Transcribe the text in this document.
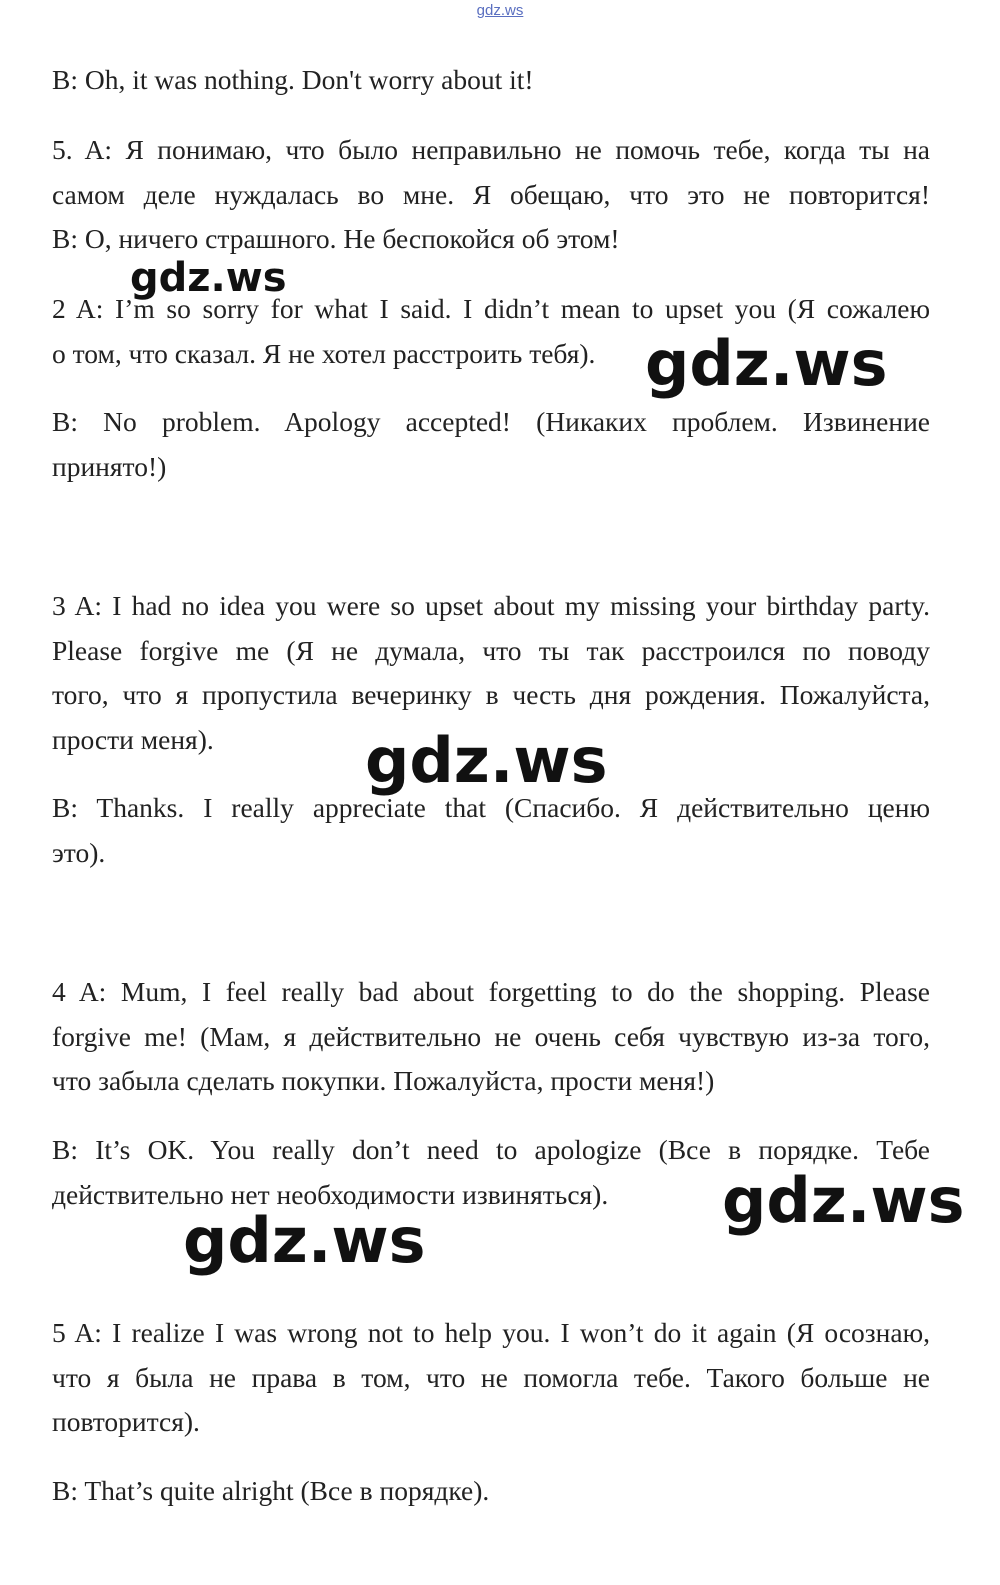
gdz.ws

B: Oh, it was nothing. Don't worry about it!

5. A: Я понимаю, что было неправильно не помочь тебе, когда ты на
самом деле нуждалась во мне. Я обещаю, что это не повторится!
B: О, ничего страшного. Не беспокойся об этом!

2 A: I’m so sorry for what I said. I didn’t mean to upset you (Я сожалею
о том, что сказал. Я не хотел расстроить тебя).

B: No problem. Apology accepted! (Никаких проблем. Извинение
принято!)

3 A: I had no idea you were so upset about my missing your birthday party.
Please forgive me (Я не думала, что ты так расстроился по поводу
того, что я пропустила вечеринку в честь дня рождения. Пожалуйста,
прости меня).

B: Thanks. I really appreciate that (Спасибо. Я действительно ценю
это).

4 A: Mum, I feel really bad about forgetting to do the shopping. Please
forgive me! (Мам, я действительно не очень себя чувствую из-за того,
что забыла сделать покупки. Пожалуйста, прости меня!)

B: It’s OK. You really don’t need to apologize (Все в порядке. Тебе
действительно нет необходимости извиняться).

5 A: I realize I was wrong not to help you. I won’t do it again (Я осознаю,
что я была не права в том, что не помогла тебе. Такого больше не
повторится).

B: That’s quite alright (Все в порядке).

gdz.ws
gdz.ws
gdz.ws
gdz.ws
gdz.ws
